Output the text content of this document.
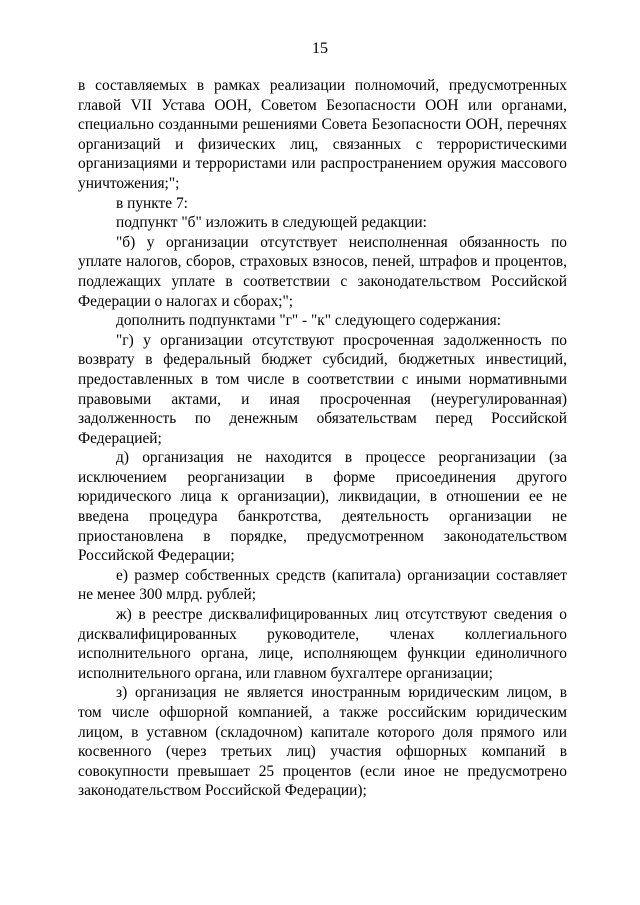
15

в составляемых в рамках реализации полномочий, предусмотренных главой VII Устава ООН, Советом Безопасности ООН или органами, специально созданными решениями Совета Безопасности ООН, перечнях организаций и физических лиц, связанных с террористическими организациями и террористами или распространением оружия массового уничтожения;";

в пункте 7:

подпункт "б" изложить в следующей редакции:

"б) у организации отсутствует неисполненная обязанность по уплате налогов, сборов, страховых взносов, пеней, штрафов и процентов, подлежащих уплате в соответствии с законодательством Российской Федерации о налогах и сборах;";

дополнить подпунктами "г" - "к" следующего содержания:

"г) у организации отсутствуют просроченная задолженность по возврату в федеральный бюджет субсидий, бюджетных инвестиций, предоставленных в том числе в соответствии с иными нормативными правовыми актами, и иная просроченная (неурегулированная) задолженность по денежным обязательствам перед Российской Федерацией;

д) организация не находится в процессе реорганизации (за исключением реорганизации в форме присоединения другого юридического лица к организации), ликвидации, в отношении ее не введена процедура банкротства, деятельность организации не приостановлена в порядке, предусмотренном законодательством Российской Федерации;

е) размер собственных средств (капитала) организации составляет не менее 300 млрд. рублей;

ж) в реестре дисквалифицированных лиц отсутствуют сведения о дисквалифицированных руководителе, членах коллегиального исполнительного органа, лице, исполняющем функции единоличного исполнительного органа, или главном бухгалтере организации;

з) организация не является иностранным юридическим лицом, в том числе офшорной компанией, а также российским юридическим лицом, в уставном (складочном) капитале которого доля прямого или косвенного (через третьих лиц) участия офшорных компаний в совокупности превышает 25 процентов (если иное не предусмотрено законодательством Российской Федерации);
